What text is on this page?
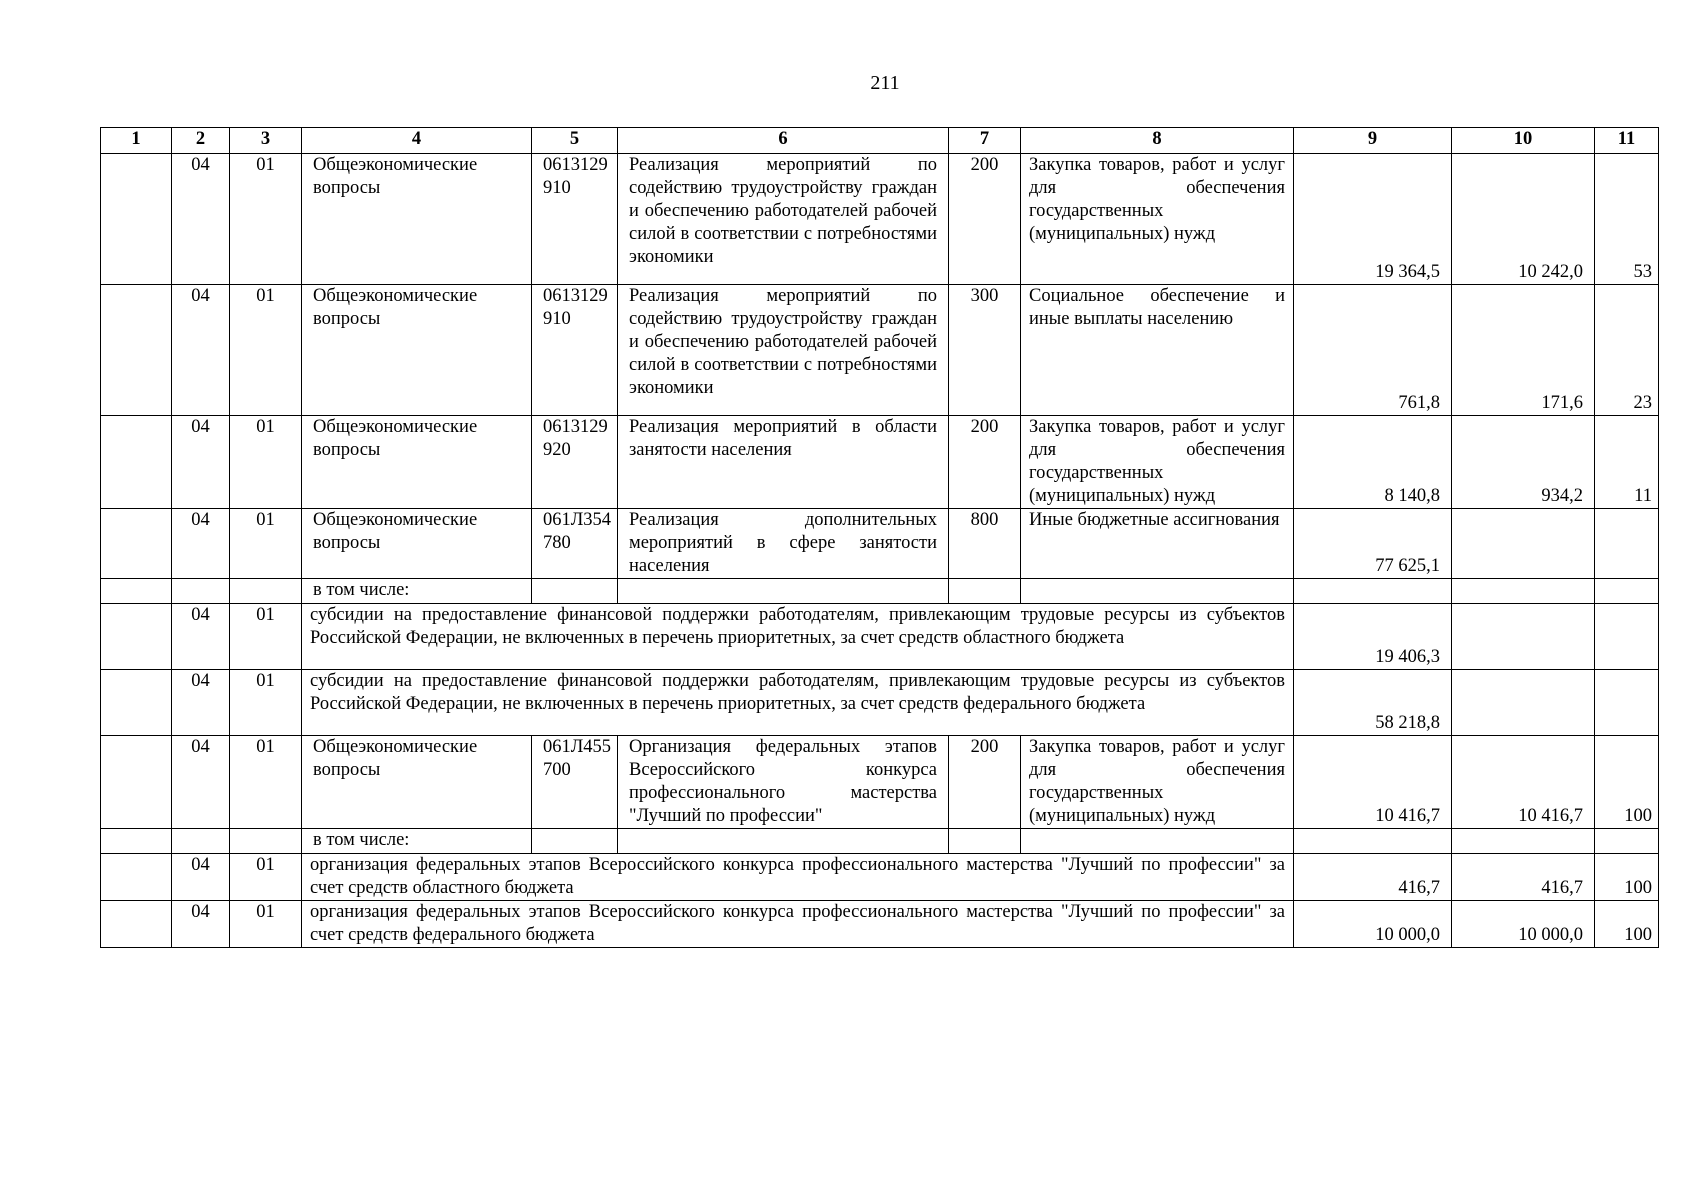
211
1	2	3	4	5	6	7	8	9	10	11
	04	01	Общеэкономические вопросы	0613129910	Реализация мероприятий по содействию трудоустройству граждан и обеспечению работодателей рабочей силой в соответствии с потребностями экономики	200	Закупка товаров, работ и услуг для обеспечения государственных (муниципальных) нужд	19 364,5	10 242,0	53
	04	01	Общеэкономические вопросы	0613129910	Реализация мероприятий по содействию трудоустройству граждан и обеспечению работодателей рабочей силой в соответствии с потребностями экономики	300	Социальное обеспечение и иные выплаты населению	761,8	171,6	23
	04	01	Общеэкономические вопросы	0613129920	Реализация мероприятий в области занятости населения	200	Закупка товаров, работ и услуг для обеспечения государственных (муниципальных) нужд	8 140,8	934,2	11
	04	01	Общеэкономические вопросы	061Л354780	Реализация дополнительных мероприятий в сфере занятости населения	800	Иные бюджетные ассигнования	77 625,1		
			в том числе:							
	04	01	субсидии на предоставление финансовой поддержки работодателям, привлекающим трудовые ресурсы из субъектов Российской Федерации, не включенных в перечень приоритетных, за счет средств областного бюджета					19 406,3		
	04	01	субсидии на предоставление финансовой поддержки работодателям, привлекающим трудовые ресурсы из субъектов Российской Федерации, не включенных в перечень приоритетных, за счет средств федерального бюджета					58 218,8		
	04	01	Общеэкономические вопросы	061Л455700	Организация федеральных этапов Всероссийского конкурса профессионального мастерства "Лучший по профессии"	200	Закупка товаров, работ и услуг для обеспечения государственных (муниципальных) нужд	10 416,7	10 416,7	100
			в том числе:							
	04	01	организация федеральных этапов Всероссийского конкурса профессионального мастерства "Лучший по профессии" за счет средств областного бюджета					416,7	416,7	100
	04	01	организация федеральных этапов Всероссийского конкурса профессионального мастерства "Лучший по профессии" за счет средств федерального бюджета					10 000,0	10 000,0	100
